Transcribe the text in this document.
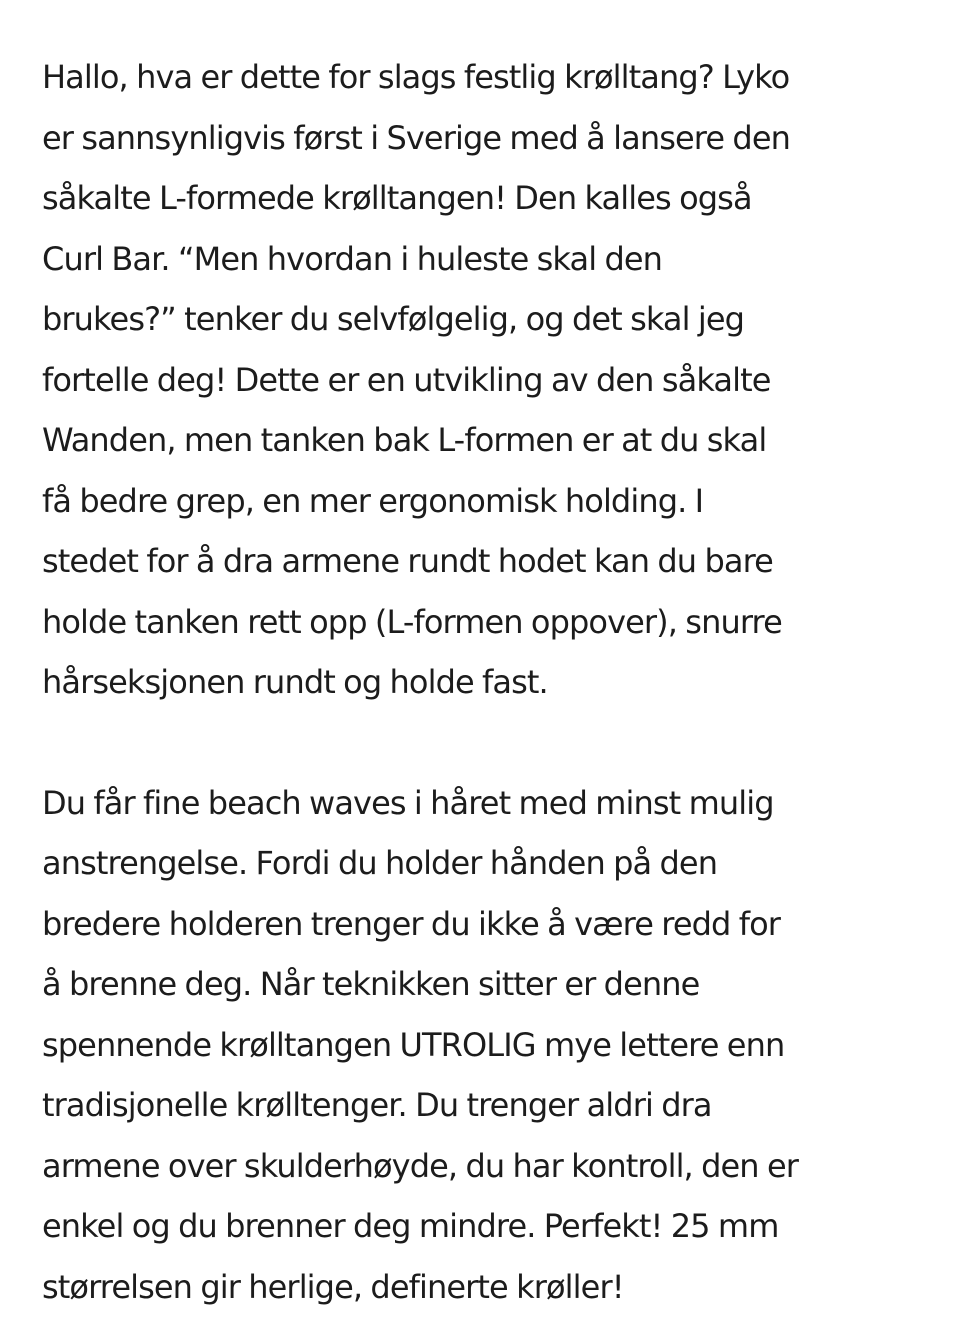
Hallo, hva er dette for slags festlig krølltang? Lyko
er sannsynligvis først i Sverige med å lansere den
såkalte L-formede krølltangen! Den kalles også
Curl Bar. “Men hvordan i huleste skal den
brukes?” tenker du selvfølgelig, og det skal jeg
fortelle deg! Dette er en utvikling av den såkalte
Wanden, men tanken bak L-formen er at du skal
få bedre grep, en mer ergonomisk holding. I
stedet for å dra armene rundt hodet kan du bare
holde tanken rett opp (L-formen oppover), snurre
hårseksjonen rundt og holde fast.

Du får fine beach waves i håret med minst mulig
anstrengelse. Fordi du holder hånden på den
bredere holderen trenger du ikke å være redd for
å brenne deg. Når teknikken sitter er denne
spennende krølltangen UTROLIG mye lettere enn
tradisjonelle krølltenger. Du trenger aldri dra
armene over skulderhøyde, du har kontroll, den er
enkel og du brenner deg mindre. Perfekt! 25 mm
størrelsen gir herlige, definerte krøller!
